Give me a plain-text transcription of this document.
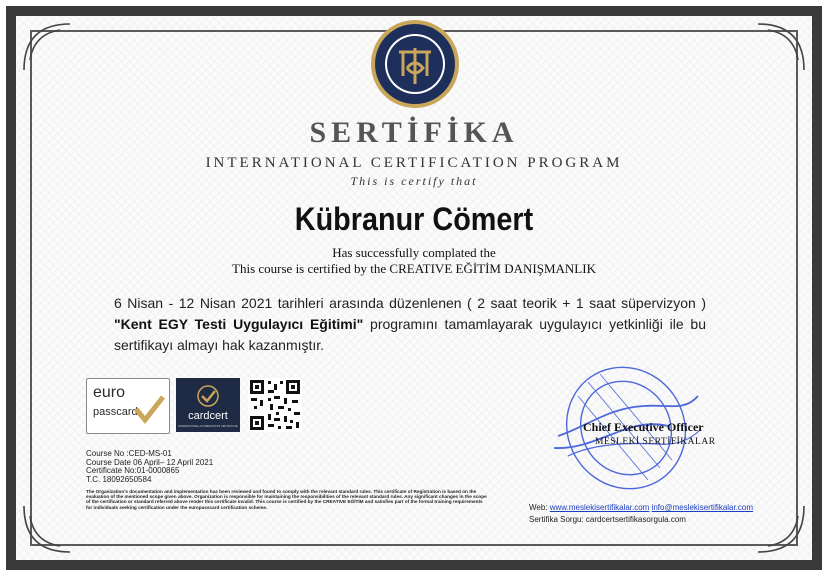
SERTİFİKA
INTERNATIONAL CERTIFICATION PROGRAM
This is certify that
Kübranur Cömert
Has successfully complated the
This course is certified by the CREATIVE EĞİTİM DANIŞMANLIK
6 Nisan - 12 Nisan 2021 tarihleri arasında düzenlenen ( 2 saat teorik + 1 saat süpervizyon ) "Kent EGY Testi Uygulayıcı Eğitimi" programını tamamlayarak uygulayıcı yetkinliği ile bu sertifikayı almayı hak kazanmıştır.
euro
passcard	cardcert
INTERNATIONAL ACCREDITATION CERTIFICATE
Course No :CED-MS-01
Course Date 06 April– 12 April 2021
Certificate No:01-0000865
T.C. 18092650584
The Organization's documentation and implementation has been reviewed and found to comply with the relevant standard rules. This certificate of Registration is based on the evaluation of the mentioned scope given above. Organization is responsible for maintaining the responsibilities of the relevant standard rules. Any significant changes in the scope of the certification or standard referred above render this certificate invalid. This course is certified by the CREATIVE EĞİTİM and satisfies part of the formal training requirements for individuals seeking certification under the europasscard certification scheme.
Chief Executive Officer
MESLEKİ SERTİFİKALAR
Web: www.meslekisertifikalar.com info@meslekisertifikalar.com
Sertifika Sorgu: cardcertsertifikasorgula.com
